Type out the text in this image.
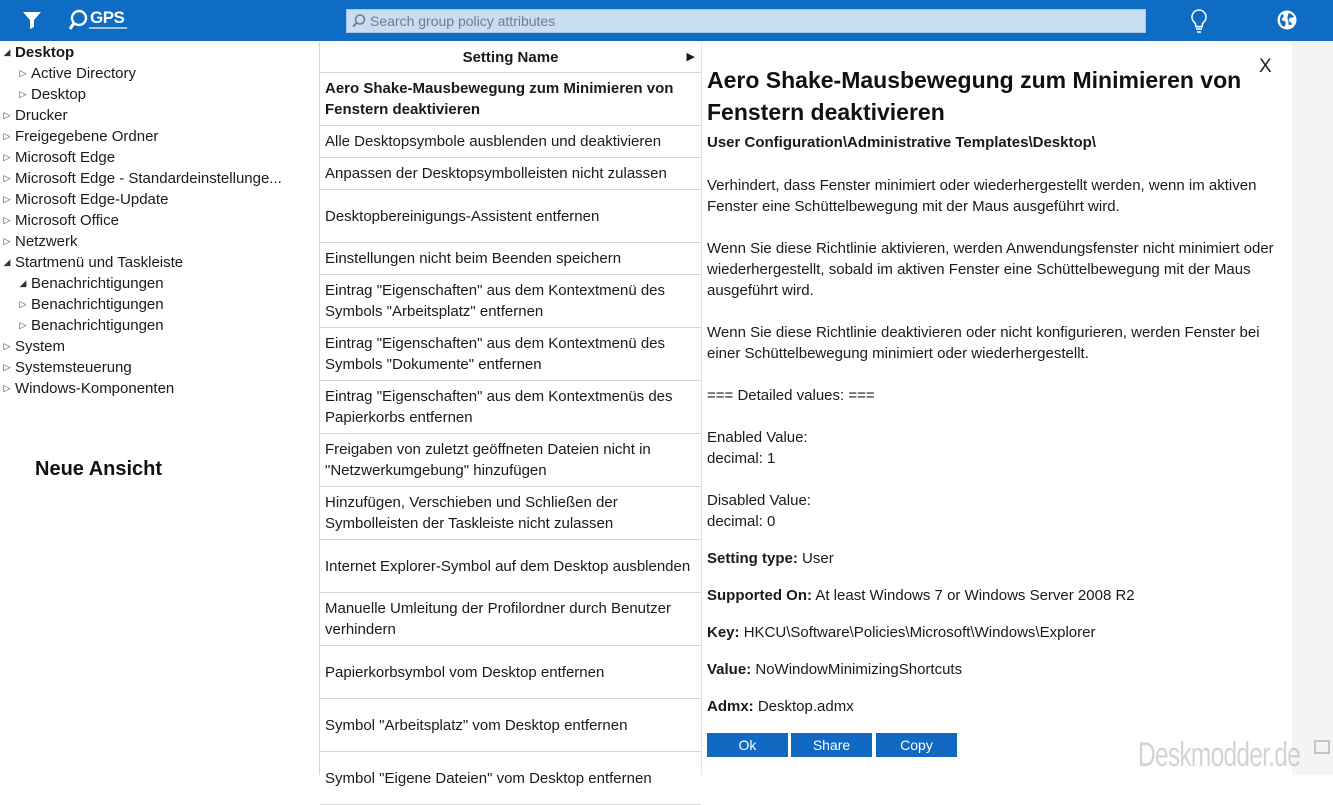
GPS
Search group policy attributes
◢ Desktop
▷ Active Directory
▷ Desktop
▷ Drucker
▷ Freigegebene Ordner
▷ Microsoft Edge
▷ Microsoft Edge - Standardeinstellunge...
▷ Microsoft Edge-Update
▷ Microsoft Office
▷ Netzwerk
◢ Startmenü und Taskleiste
◢ Benachrichtigungen
▷ Benachrichtigungen
▷ Benachrichtigungen
▷ System
▷ Systemsteuerung
▷ Windows-Komponenten
Neue Ansicht
Setting Name	▶
Aero Shake-Mausbewegung zum Minimieren von Fenstern deaktivieren
Alle Desktopsymbole ausblenden und deaktivieren
Anpassen der Desktopsymbolleisten nicht zulassen
Desktopbereinigungs-Assistent entfernen
Einstellungen nicht beim Beenden speichern
Eintrag "Eigenschaften" aus dem Kontextmenü des Symbols "Arbeitsplatz" entfernen
Eintrag "Eigenschaften" aus dem Kontextmenü des Symbols "Dokumente" entfernen
Eintrag "Eigenschaften" aus dem Kontextmenüs des Papierkorbs entfernen
Freigaben von zuletzt geöffneten Dateien nicht in "Netzwerkumgebung" hinzufügen
Hinzufügen, Verschieben und Schließen der Symbolleisten der Taskleiste nicht zulassen
Internet Explorer-Symbol auf dem Desktop ausblenden
Manuelle Umleitung der Profilordner durch Benutzer verhindern
Papierkorbsymbol vom Desktop entfernen
Symbol "Arbeitsplatz" vom Desktop entfernen
Symbol "Eigene Dateien" vom Desktop entfernen
X
Aero Shake-Mausbewegung zum Minimieren von Fenstern deaktivieren
User Configuration\Administrative Templates\Desktop\
Verhindert, dass Fenster minimiert oder wiederhergestellt werden, wenn im aktiven Fenster eine Schüttelbewegung mit der Maus ausgeführt wird.
Wenn Sie diese Richtlinie aktivieren, werden Anwendungsfenster nicht minimiert oder wiederhergestellt, sobald im aktiven Fenster eine Schüttelbewegung mit der Maus ausgeführt wird.
Wenn Sie diese Richtlinie deaktivieren oder nicht konfigurieren, werden Fenster bei einer Schüttelbewegung minimiert oder wiederhergestellt.
=== Detailed values: ===
Enabled Value:
decimal: 1
Disabled Value:
decimal: 0
Setting type: User
Supported On: At least Windows 7 or Windows Server 2008 R2
Key: HKCU\Software\Policies\Microsoft\Windows\Explorer
Value: NoWindowMinimizingShortcuts
Admx: Desktop.admx
Ok	Share	Copy	Deskmodder.de
